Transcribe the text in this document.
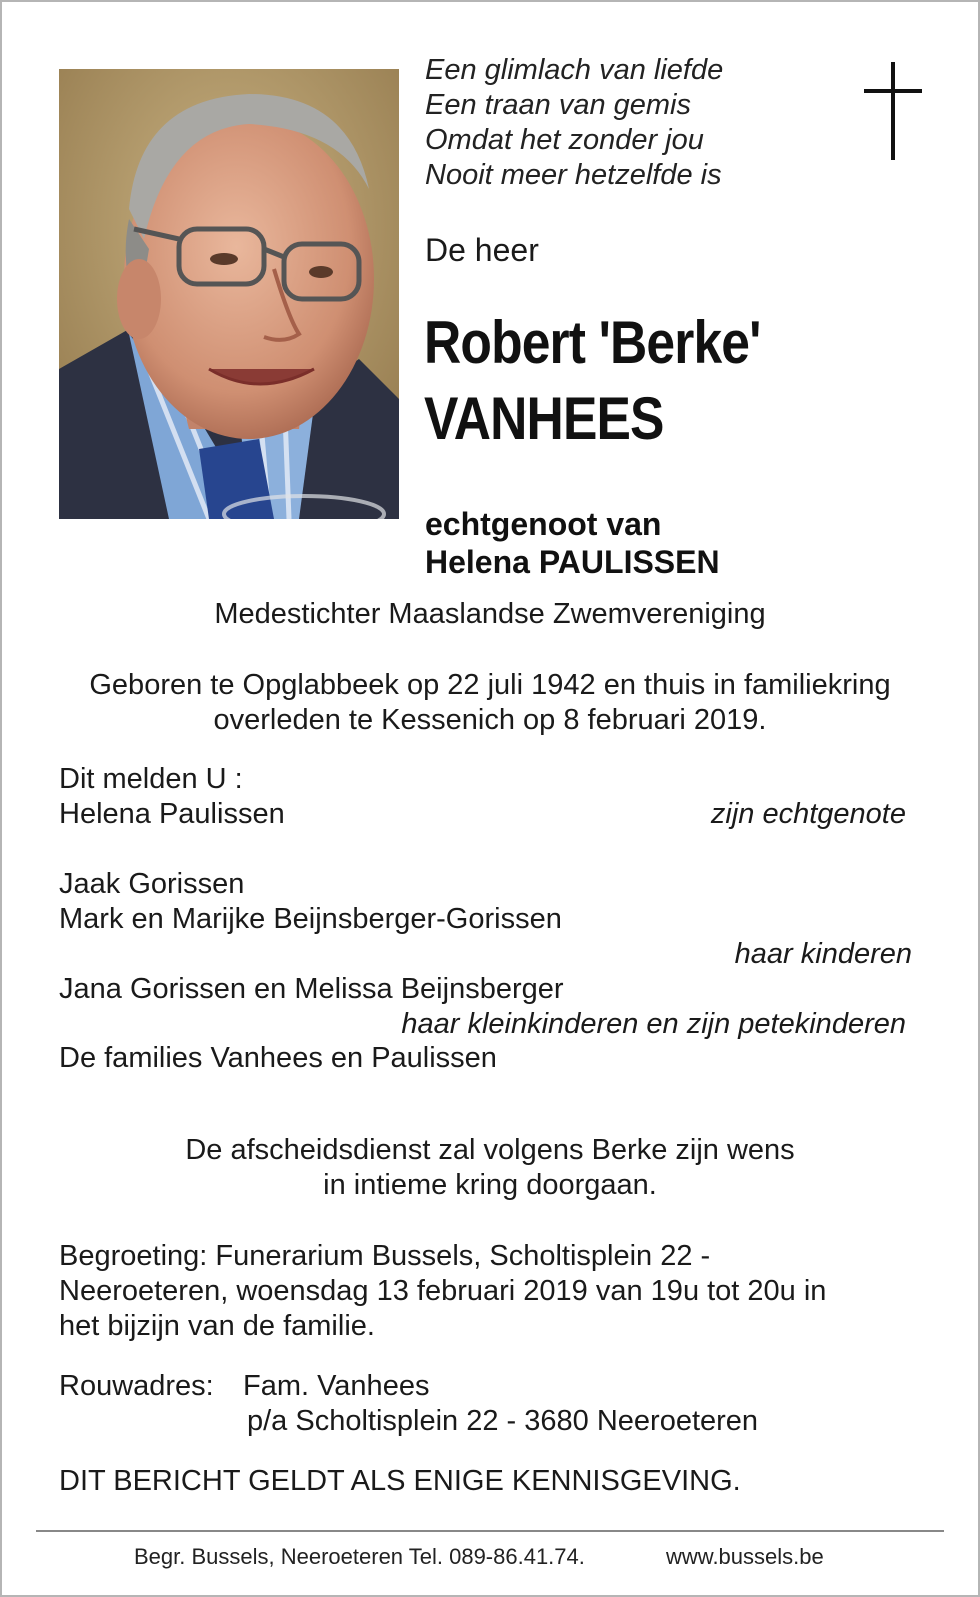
Een glimlach van liefde
Een traan van gemis
Omdat het zonder jou
Nooit meer hetzelfde is
De heer
Robert 'Berke'
VANHEES
echtgenoot van
Helena PAULISSEN
Medestichter Maaslandse Zwemvereniging
Geboren te Opglabbeek op 22 juli 1942 en thuis in familiekring
overleden te Kessenich op 8 februari 2019.
Dit melden U :
Helena Paulissen	zijn echtgenote
Jaak Gorissen
Mark en Marijke Beijnsberger-Gorissen
haar kinderen
Jana Gorissen en Melissa Beijnsberger
haar kleinkinderen en zijn petekinderen
De families Vanhees en Paulissen
De afscheidsdienst zal volgens Berke zijn wens
in intieme kring doorgaan.
Begroeting: Funerarium Bussels, Scholtisplein 22 -
Neeroeteren, woensdag 13 februari 2019 van 19u tot 20u in
het bijzijn van de familie.
Rouwadres: Fam. Vanhees
p/a Scholtisplein 22 - 3680 Neeroeteren
DIT BERICHT GELDT ALS ENIGE KENNISGEVING.
Begr. Bussels, Neeroeteren Tel. 089-86.41.74.	www.bussels.be
